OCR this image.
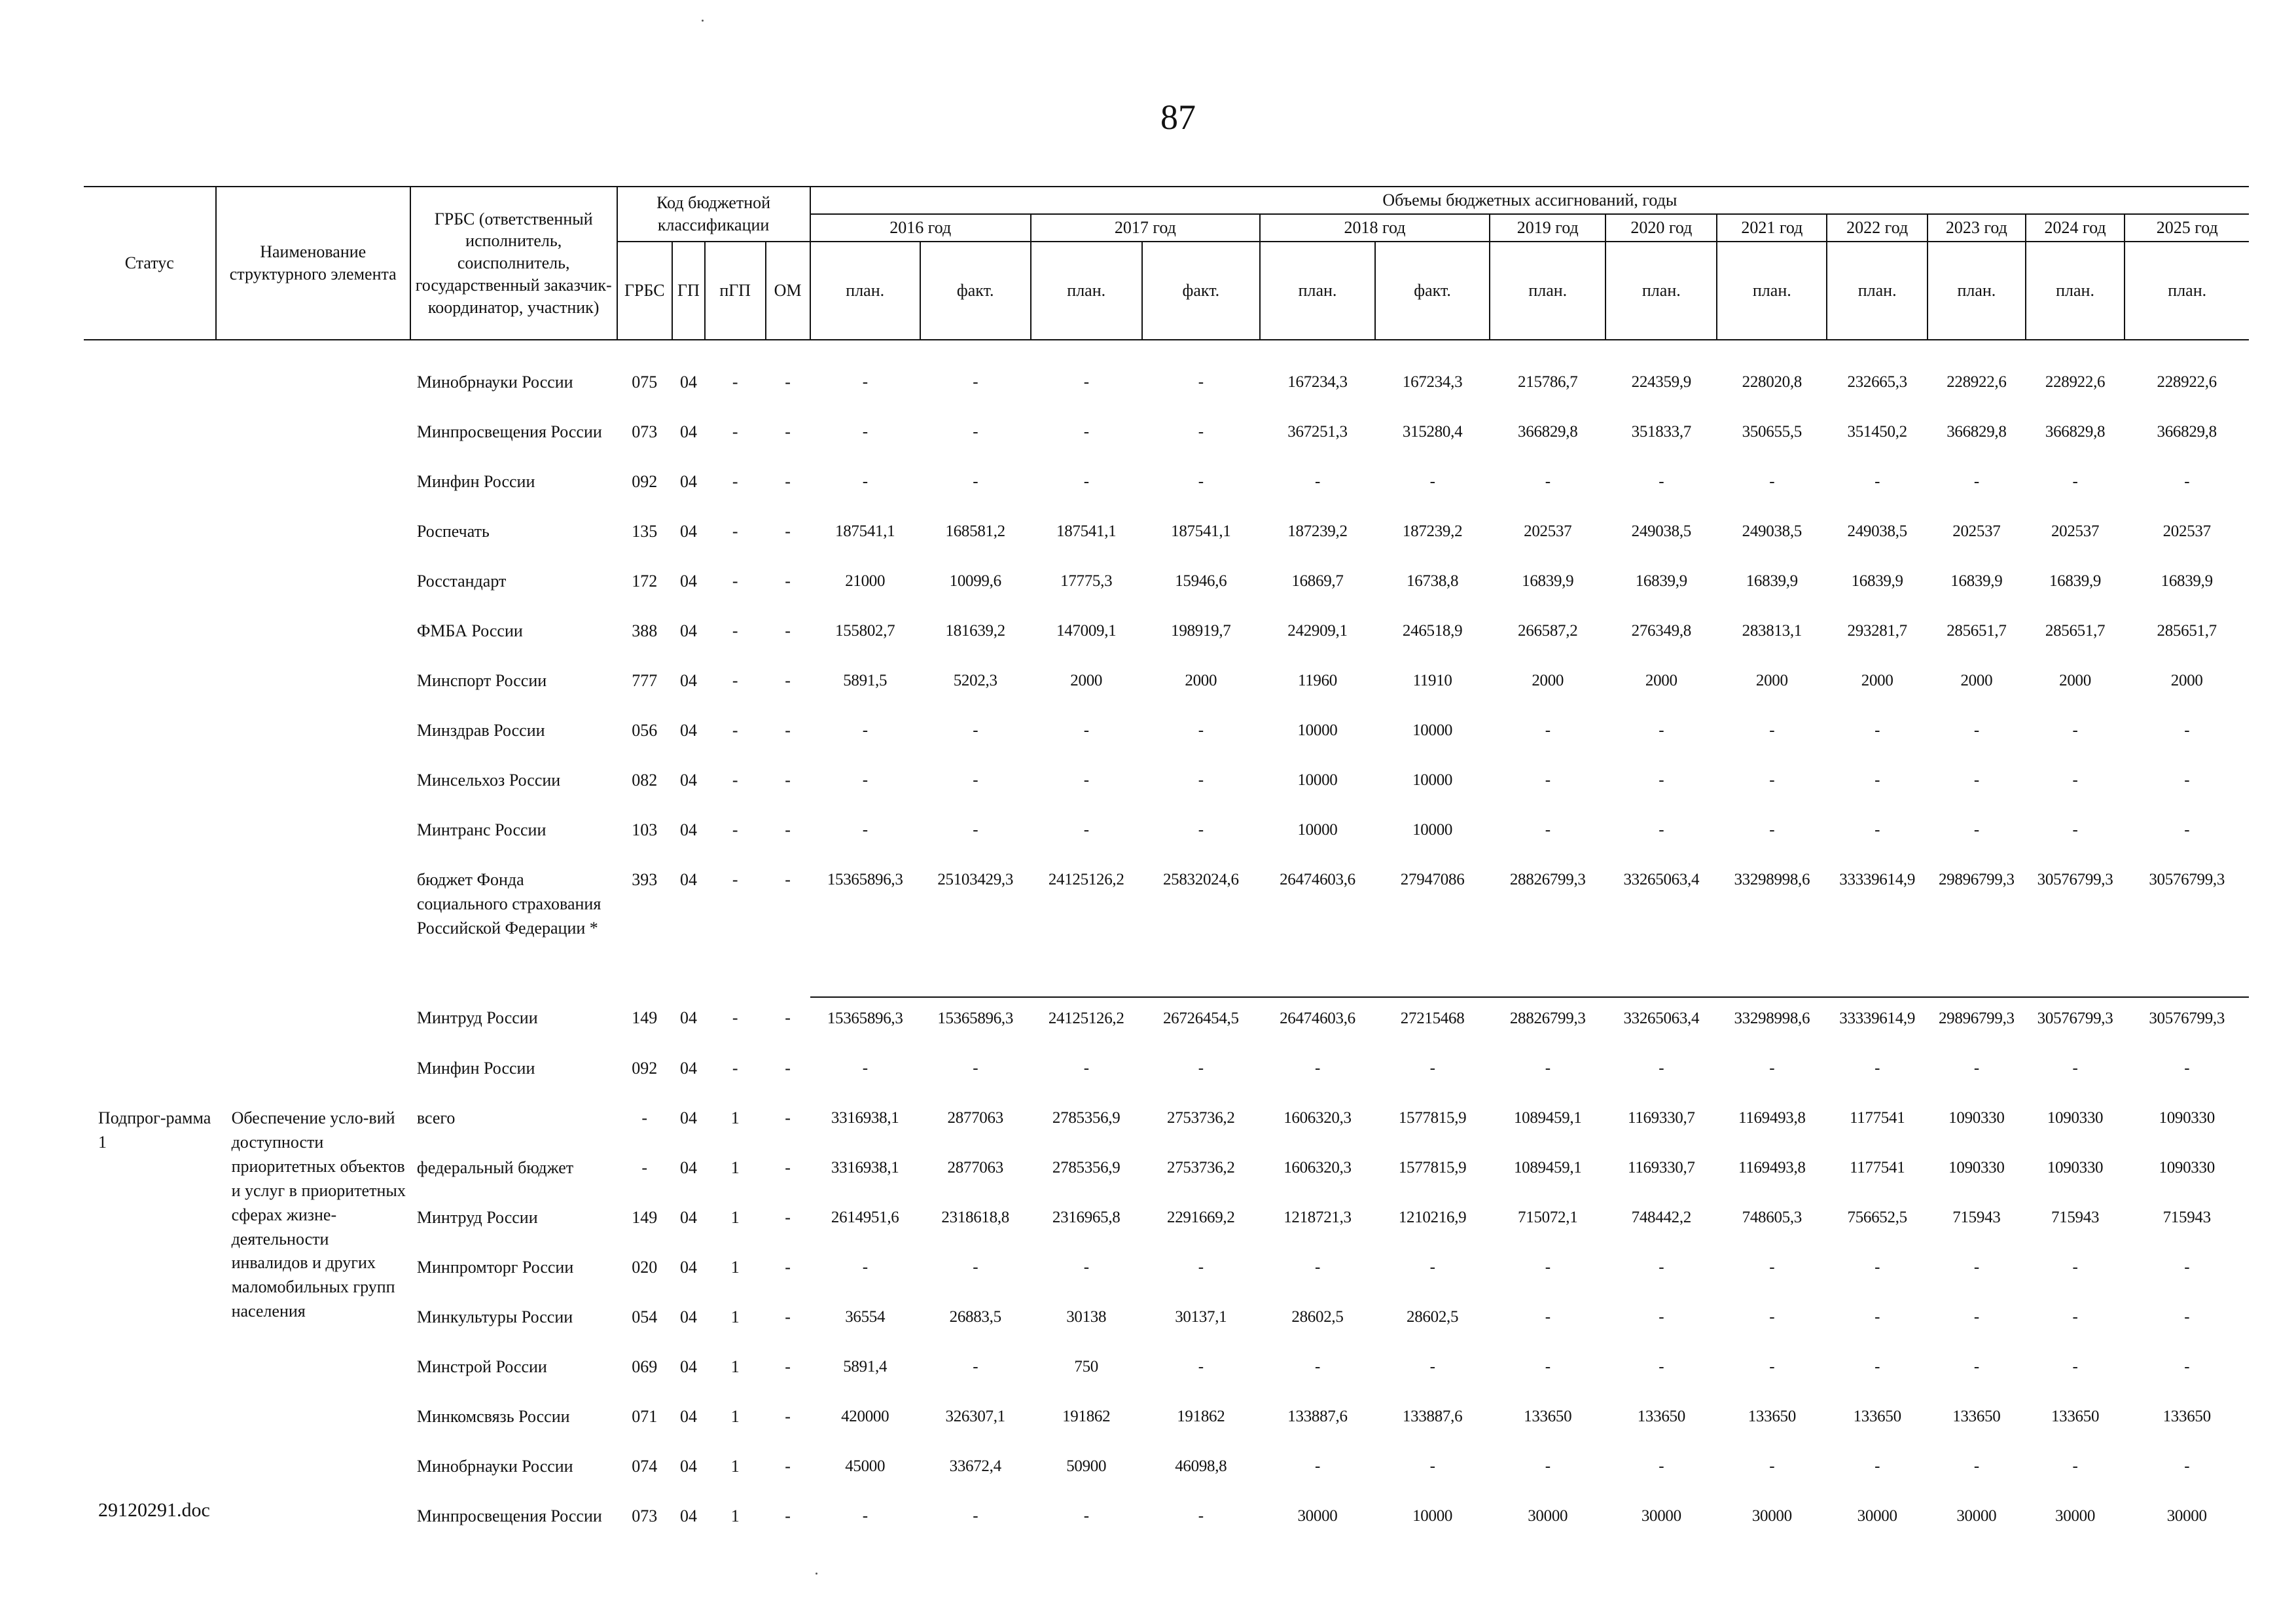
87
Статус	Наименование структурного элемента	ГРБС (ответственный исполнитель, соисполнитель, государственный заказчик-координатор, участник)	Код бюджетной классификации				Объемы бюджетных ассигнований, годы												
							2016 год		2017 год		2018 год		2019 год	2020 год	2021 год	2022 год	2023 год	2024 год	2025 год
			ГРБС	ГП	пГП	ОМ	план.	факт.	план.	факт.	план.	факт.	план.	план.	план.	план.	план.	план.	план.
		Минобрнауки России	075	04	-	-	-	-	-	-	167234,3	167234,3	215786,7	224359,9	228020,8	232665,3	228922,6	228922,6	228922,6
		Минпросвещения России	073	04	-	-	-	-	-	-	367251,3	315280,4	366829,8	351833,7	350655,5	351450,2	366829,8	366829,8	366829,8
		Минфин России	092	04	-	-	-	-	-	-	-	-	-	-	-	-	-	-	-
		Роспечать	135	04	-	-	187541,1	168581,2	187541,1	187541,1	187239,2	187239,2	202537	249038,5	249038,5	249038,5	202537	202537	202537
		Росстандарт	172	04	-	-	21000	10099,6	17775,3	15946,6	16869,7	16738,8	16839,9	16839,9	16839,9	16839,9	16839,9	16839,9	16839,9
		ФМБА России	388	04	-	-	155802,7	181639,2	147009,1	198919,7	242909,1	246518,9	266587,2	276349,8	283813,1	293281,7	285651,7	285651,7	285651,7
		Минспорт России	777	04	-	-	5891,5	5202,3	2000	2000	11960	11910	2000	2000	2000	2000	2000	2000	2000
		Минздрав России	056	04	-	-	-	-	-	-	10000	10000	-	-	-	-	-	-	-
		Минсельхоз России	082	04	-	-	-	-	-	-	10000	10000	-	-	-	-	-	-	-
		Минтранс России	103	04	-	-	-	-	-	-	10000	10000	-	-	-	-	-	-	-
		бюджет Фонда социального страхования Российской Федерации *	393	04	-	-	15365896,3	25103429,3	24125126,2	25832024,6	26474603,6	27947086	28826799,3	33265063,4	33298998,6	33339614,9	29896799,3	30576799,3	30576799,3
		Минтруд России	149	04	-	-	15365896,3	15365896,3	24125126,2	26726454,5	26474603,6	27215468	28826799,3	33265063,4	33298998,6	33339614,9	29896799,3	30576799,3	30576799,3
		Минфин России	092	04	-	-	-	-	-	-	-	-	-	-	-	-	-	-	-
Подпрог-рамма 1	Обеспечение усло-вий доступности приоритетных объектов и услуг в приоритетных сферах жизне-деятельности инвалидов и других маломобильных групп населения	всего	-	04	1	-	3316938,1	2877063	2785356,9	2753736,2	1606320,3	1577815,9	1089459,1	1169330,7	1169493,8	1177541	1090330	1090330	1090330
		федеральный бюджет	-	04	1	-	3316938,1	2877063	2785356,9	2753736,2	1606320,3	1577815,9	1089459,1	1169330,7	1169493,8	1177541	1090330	1090330	1090330
		Минтруд России	149	04	1	-	2614951,6	2318618,8	2316965,8	2291669,2	1218721,3	1210216,9	715072,1	748442,2	748605,3	756652,5	715943	715943	715943
		Минпромторг России	020	04	1	-	-	-	-	-	-	-	-	-	-	-	-	-	-
		Минкультуры России	054	04	1	-	36554	26883,5	30138	30137,1	28602,5	28602,5	-	-	-	-	-	-	-
		Минстрой России	069	04	1	-	5891,4	-	750	-	-	-	-	-	-	-	-	-	-
		Минкомсвязь России	071	04	1	-	420000	326307,1	191862	191862	133887,6	133887,6	133650	133650	133650	133650	133650	133650	133650
		Минобрнауки России	074	04	1	-	45000	33672,4	50900	46098,8	-	-	-	-	-	-	-	-	-
		Минпросвещения России	073	04	1	-	-	-	-	-	30000	10000	30000	30000	30000	30000	30000	30000	30000
29120291.doc
